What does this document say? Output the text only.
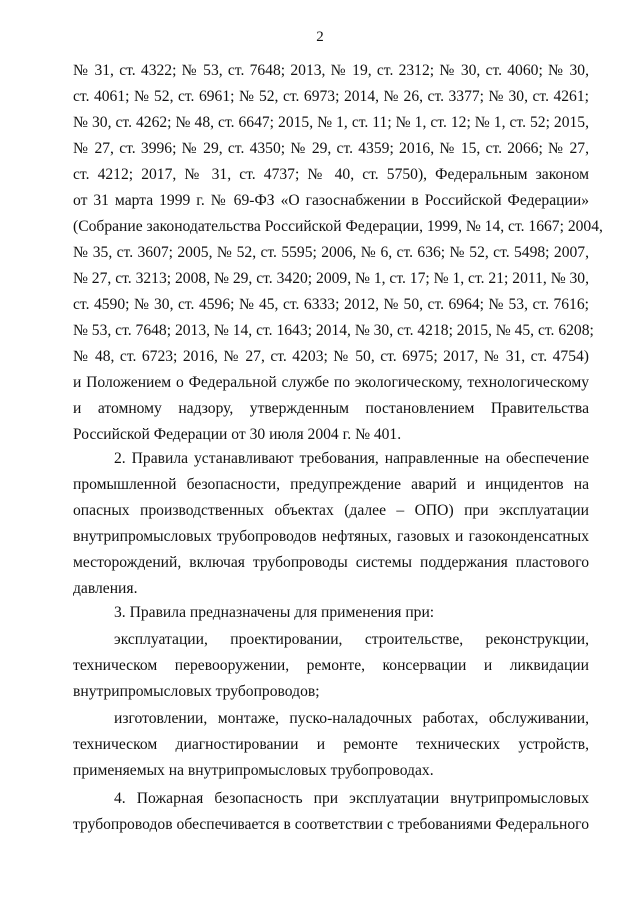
2
№ 31, ст. 4322; № 53, ст. 7648; 2013, № 19, ст. 2312; № 30, ст. 4060; № 30,
ст. 4061; № 52, ст. 6961; № 52, ст. 6973; 2014, № 26, ст. 3377; № 30, ст. 4261;
№ 30, ст. 4262; № 48, ст. 6647; 2015, № 1, ст. 11; № 1, ст. 12; № 1, ст. 52; 2015,
№ 27, ст. 3996; № 29, ст. 4350; № 29, ст. 4359; 2016, № 15, ст. 2066; № 27,
ст. 4212; 2017, № 31, ст. 4737; № 40, ст. 5750), Федеральным законом
от 31 марта 1999 г. № 69-ФЗ «О газоснабжении в Российской Федерации»
(Собрание законодательства Российской Федерации, 1999, № 14, ст. 1667; 2004,
№ 35, ст. 3607; 2005, № 52, ст. 5595; 2006, № 6, ст. 636; № 52, ст. 5498; 2007,
№ 27, ст. 3213; 2008, № 29, ст. 3420; 2009, № 1, ст. 17; № 1, ст. 21; 2011, № 30,
ст. 4590; № 30, ст. 4596; № 45, ст. 6333; 2012, № 50, ст. 6964; № 53, ст. 7616;
№ 53, ст. 7648; 2013, № 14, ст. 1643; 2014, № 30, ст. 4218; 2015, № 45, ст. 6208;
№ 48, ст. 6723; 2016, № 27, ст. 4203; № 50, ст. 6975; 2017, № 31, ст. 4754)
и Положением о Федеральной службе по экологическому, технологическому
и атомному надзору, утвержденным постановлением Правительства
Российской Федерации от 30 июля 2004 г. № 401.
2. Правила устанавливают требования, направленные на обеспечение
промышленной безопасности, предупреждение аварий и инцидентов на
опасных производственных объектах (далее – ОПО) при эксплуатации
внутрипромысловых трубопроводов нефтяных, газовых и газоконденсатных
месторождений, включая трубопроводы системы поддержания пластового
давления.
3. Правила предназначены для применения при:
эксплуатации, проектировании, строительстве, реконструкции,
техническом перевооружении, ремонте, консервации и ликвидации
внутрипромысловых трубопроводов;
изготовлении, монтаже, пуско-наладочных работах, обслуживании,
техническом диагностировании и ремонте технических устройств,
применяемых на внутрипромысловых трубопроводах.
4. Пожарная безопасность при эксплуатации внутрипромысловых
трубопроводов обеспечивается в соответствии с требованиями Федерального
